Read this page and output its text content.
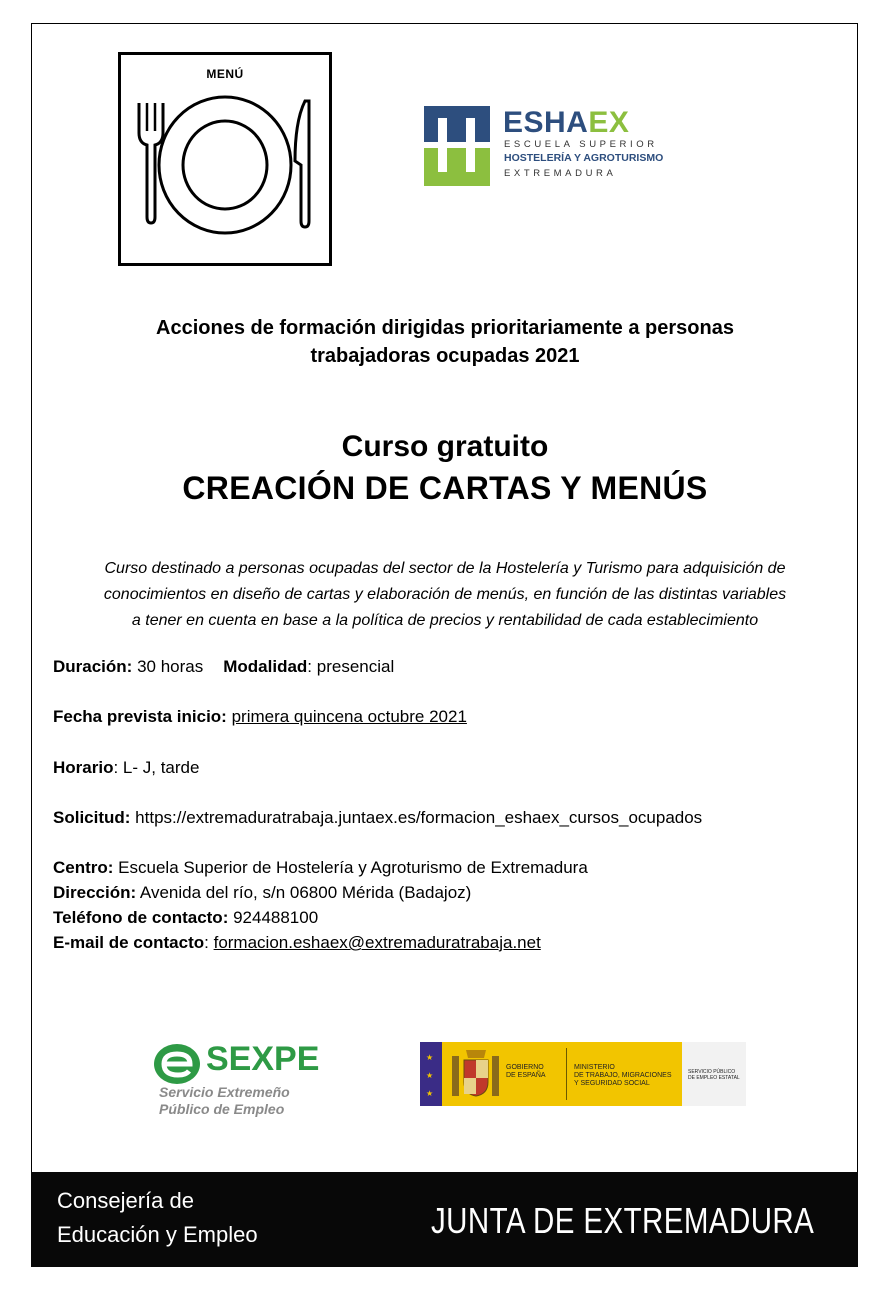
MENÚ
ESHAEX
ESCUELA SUPERIOR
HOSTELERÍA Y AGROTURISMO
EXTREMADURA
Acciones de formación dirigidas prioritariamente a personas
trabajadoras ocupadas 2021
Curso gratuito
CREACIÓN DE CARTAS Y MENÚS
Curso destinado a personas ocupadas del sector de la Hostelería y Turismo para adquisición de
conocimientos en diseño de cartas y elaboración de menús, en función de las distintas variables
a tener en cuenta en base a la política de precios y rentabilidad de cada establecimiento
Duración: 30 horas Modalidad: presencial
Fecha prevista inicio: primera quincena octubre 2021
Horario: L- J, tarde
Solicitud: https://extremaduratrabaja.juntaex.es/formacion_eshaex_cursos_ocupados
Centro: Escuela Superior de Hostelería y Agroturismo de Extremadura
Dirección: Avenida del río, s/n 06800 Mérida (Badajoz)
Teléfono de contacto: 924488100
E-mail de contacto: formacion.eshaex@extremaduratrabaja.net
SEXPE
Servicio Extremeño
Público de Empleo
★
★
★
GOBIERNO
DE ESPAÑA
MINISTERIO
DE TRABAJO, MIGRACIONES
Y SEGURIDAD SOCIAL
SERVICIO PÚBLICO
DE EMPLEO ESTATAL
Consejería de
Educación y Empleo	JUNTA DE EXTREMADURA
